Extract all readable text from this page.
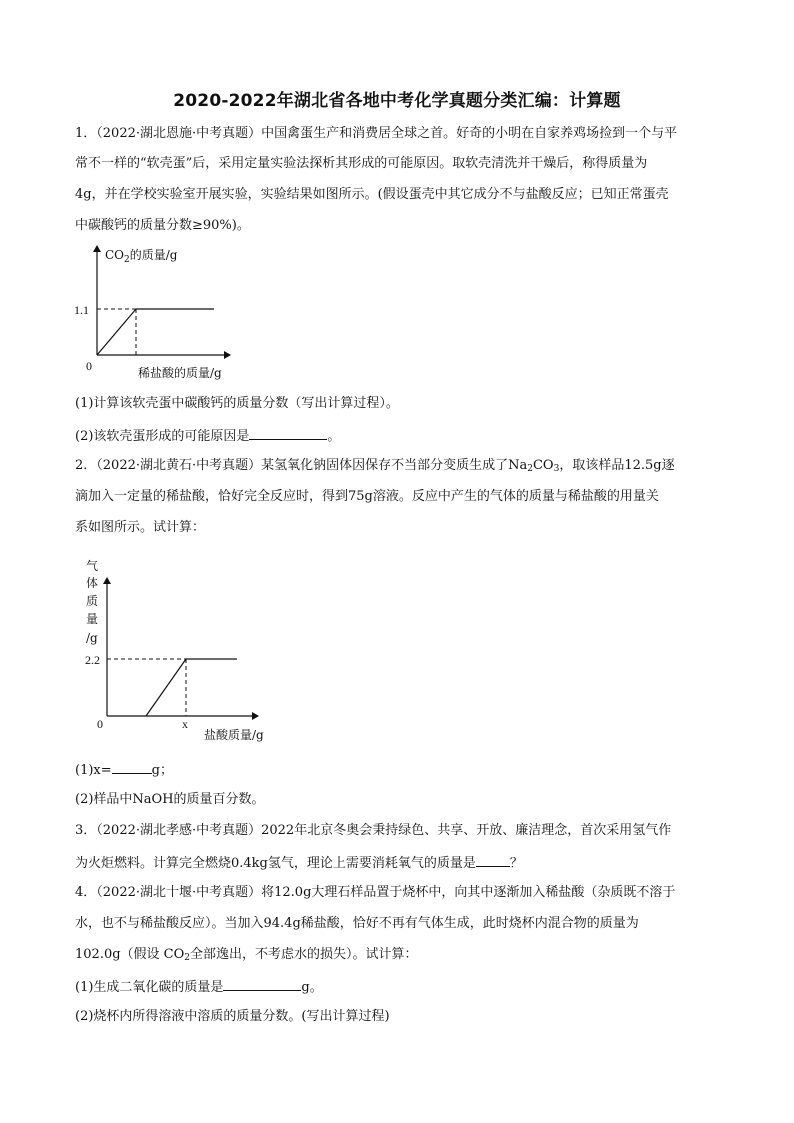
2020-2022年湖北省各地中考化学真题分类汇编：计算题
1．（2022·湖北恩施·中考真题）中国禽蛋生产和消费居全球之首。好奇的小明在自家养鸡场捡到一个与平
常不一样的“软壳蛋”后，采用定量实验法探析其形成的可能原因。取软壳清洗并干燥后，称得质量为
4g，并在学校实验室开展实验，实验结果如图所示。(假设蛋壳中其它成分不与盐酸反应；已知正常蛋壳
中碳酸钙的质量分数≥90%)。
$CO_2$的质量/g
1.1
0	稀盐酸的质量/g
(1)计算该软壳蛋中碳酸钙的质量分数（写出计算过程）。
(2)该软壳蛋形成的可能原因是	。
2．（2022·湖北黄石·中考真题）某氢氧化钠固体因保存不当部分变质生成了$Na_2CO_3$，取该样品12.5g逐
滴加入一定量的稀盐酸，恰好完全反应时，得到75g溶液。反应中产生的气体的质量与稀盐酸的用量关
系如图所示。试计算：
气
体
质
量
/g
2.2
0	x
盐酸质量/g
(1)x=	g；
(2)样品中NaOH的质量百分数。
3．（2022·湖北孝感·中考真题）2022年北京冬奥会秉持绿色、共享、开放、廉洁理念，首次采用氢气作
为火炬燃料。计算完全燃烧0.4kg氢气，理论上需要消耗氧气的质量是	？
4．（2022·湖北十堰·中考真题）将12.0g大理石样品置于烧杯中，向其中逐渐加入稀盐酸（杂质既不溶于
水，也不与稀盐酸反应）。当加入94.4g稀盐酸，恰好不再有气体生成，此时烧杯内混合物的质量为
102.0g（假设 $CO_2$全部逸出，不考虑水的损失）。试计算：
(1)生成二氧化碳的质量是	g。
(2)烧杯内所得溶液中溶质的质量分数。(写出计算过程)
